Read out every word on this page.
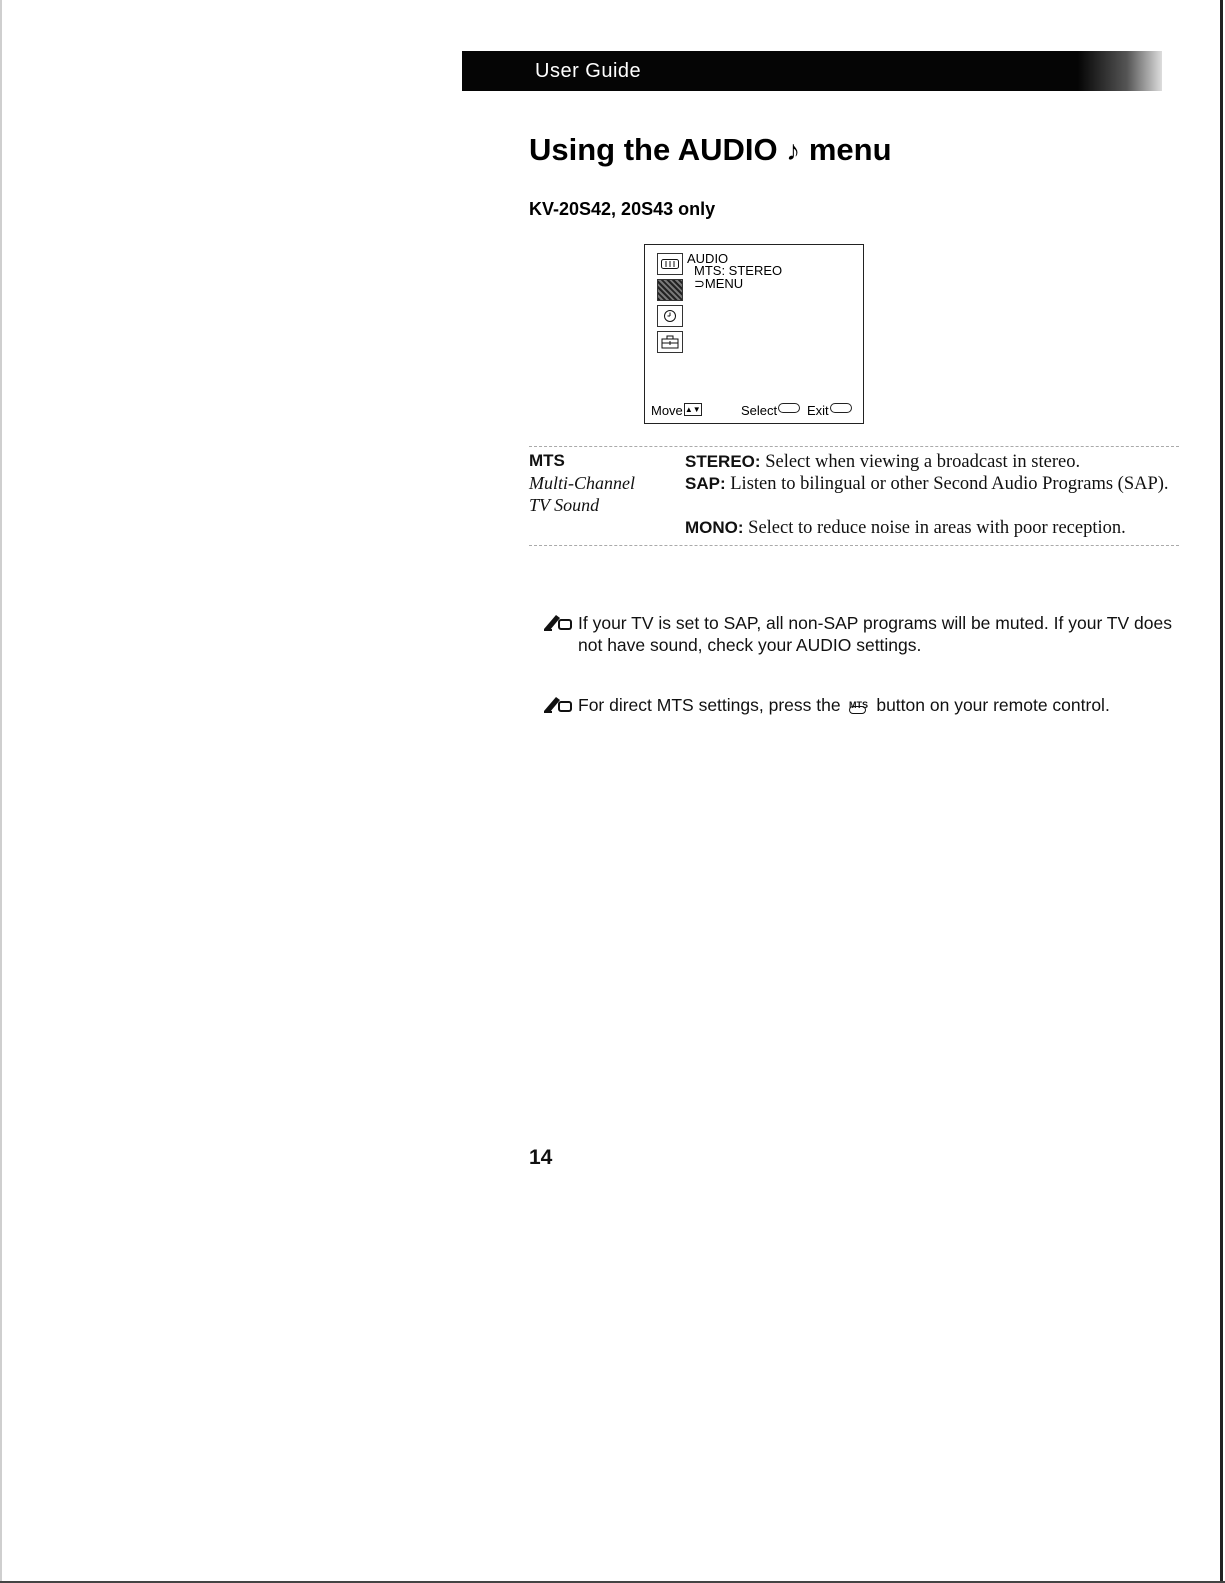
User Guide
Using the AUDIO ♪ menu
KV-20S42, 20S43 only
AUDIO
MTS: STEREO
⊃MENU
Move ▲▼	Select Exit
MTS
Multi-Channel
TV Sound
STEREO: Select when viewing a broadcast in stereo.
SAP: Listen to bilingual or other Second Audio Programs (SAP).
MONO: Select to reduce noise in areas with poor reception.

If your TV is set to SAP, all non-SAP programs will be muted. If your TV does not have sound, check your AUDIO settings.

For direct MTS settings, press the MTS button on your remote control.

14
